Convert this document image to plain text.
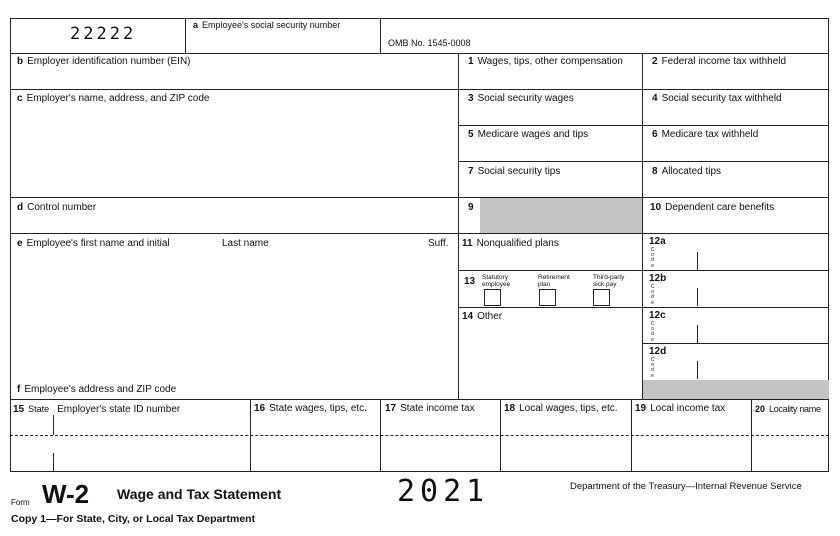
22222	a Employee's social security number
OMB No. 1545-0008
b Employer identification number (EIN)
c Employer's name, address, and ZIP code
d Control number
e Employee's first name and initial	Last name	Suff.
f Employee's address and ZIP code
1 Wages, tips, other compensation
3 Social security wages
5 Medicare wages and tips
7 Social security tips
9
11 Nonqualified plans
13 Statutory
employee
Retirement
plan
Third-party
sick pay
14 Other
2 Federal income tax withheld
4 Social security tax withheld
6 Medicare tax withheld
8 Allocated tips
10 Dependent care benefits
12a
C
o
d
e
12b
C
o
d
e
12c
C
o
d
e
12d
C
o
d
e
15 State Employer's state ID number	16 State wages, tips, etc. 17 State income tax	18 Local wages, tips, etc. 19 Local income tax	20 Locality name
Form W-2 Wage and Tax Statement
Copy 1—For State, City, or Local Tax Department
2021	Department of the Treasury—Internal Revenue Service
